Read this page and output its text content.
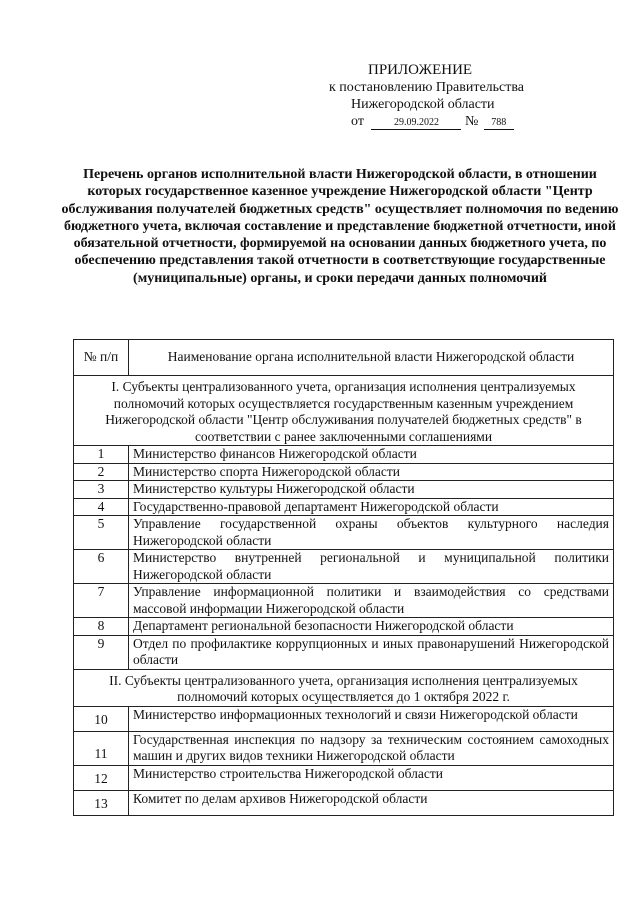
ПРИЛОЖЕНИЕ
к постановлению Правительства
Нижегородской области
от	29.09.2022 № 788
Перечень органов исполнительной власти Нижегородской области, в отношении которых государственное казенное учреждение Нижегородской области "Центр обслуживания получателей бюджетных средств" осуществляет полномочия по ведению бюджетного учета, включая составление и представление бюджетной отчетности, иной обязательной отчетности, формируемой на основании данных бюджетного учета, по обеспечению представления такой отчетности в соответствующие государственные (муниципальные) органы, и сроки передачи данных полномочий
№ п/п	Наименование органа исполнительной власти Нижегородской области
I. Субъекты централизованного учета, организация исполнения централизуемых полномочий которых осуществляется государственным казенным учреждением Нижегородской области "Центр обслуживания получателей бюджетных средств" в соответствии с ранее заключенными соглашениями	
1	Министерство финансов Нижегородской области
2	Министерство спорта Нижегородской области
3	Министерство культуры Нижегородской области
4	Государственно-правовой департамент Нижегородской области
5	Управление государственной охраны объектов культурного наследия Нижегородской области
6	Министерство внутренней региональной и муниципальной политики Нижегородской области
7	Управление информационной политики и взаимодействия со средствами массовой информации Нижегородской области
8	Департамент региональной безопасности Нижегородской области
9	Отдел по профилактике коррупционных и иных правонарушений Нижегородской области
II. Субъекты централизованного учета, организация исполнения централизуемых полномочий которых осуществляется до 1 октября 2022 г.	
10	Министерство информационных технологий и связи Нижегородской области
11	Государственная инспекция по надзору за техническим состоянием самоходных машин и других видов техники Нижегородской области
12	Министерство строительства Нижегородской области
13	Комитет по делам архивов Нижегородской области
